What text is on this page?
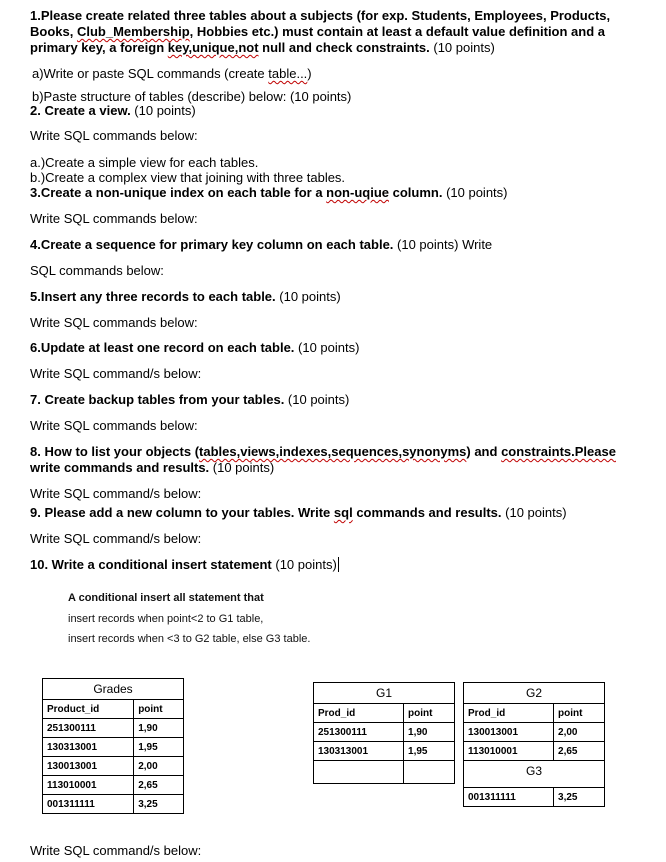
1.Please create related three tables about a subjects (for exp. Students, Employees, Products,
Books, Club_Membership, Hobbies etc.) must contain at least a default value definition and a
primary key, a foreign key,unique,not null and check constraints. (10 points)
a)Write or paste SQL commands (create table...)
b)Paste structure of tables (describe) below: (10 points)
2. Create a view. (10 points)
Write SQL commands below:
a.)Create a simple view for each tables.
b.)Create a complex view that joining with three tables.
3.Create a non-unique index on each table for a non-uqiue column. (10 points)
Write SQL commands below:
4.Create a sequence for primary key column on each table. (10 points) Write
SQL commands below:
5.Insert any three records to each table. (10 points)
Write SQL commands below:
6.Update at least one record on each table. (10 points)
Write SQL command/s below:
7. Create backup tables from your tables. (10 points)
Write SQL commands below:
8. How to list your objects (tables,views,indexes,sequences,synonyms) and constraints.Please
write commands and results. (10 points)
Write SQL command/s below:
9. Please add a new column to your tables. Write sql commands and results. (10 points)
Write SQL command/s below:
10. Write a conditional insert statement (10 points)
A conditional insert all statement that
insert records when point<2 to G1 table,
insert records when <3 to G2 table, else G3 table.
Grades	
Product_id	point
251300111	1,90
130313001	1,95
130013001	2,00
113010001	2,65
001311111	3,25
G1	
Prod_id	point
251300111	1,90
130313001	1,95

G2	
Prod_id	point
130013001	2,00
113010001	2,65
G3	

001311111	3,25
Write SQL command/s below:
